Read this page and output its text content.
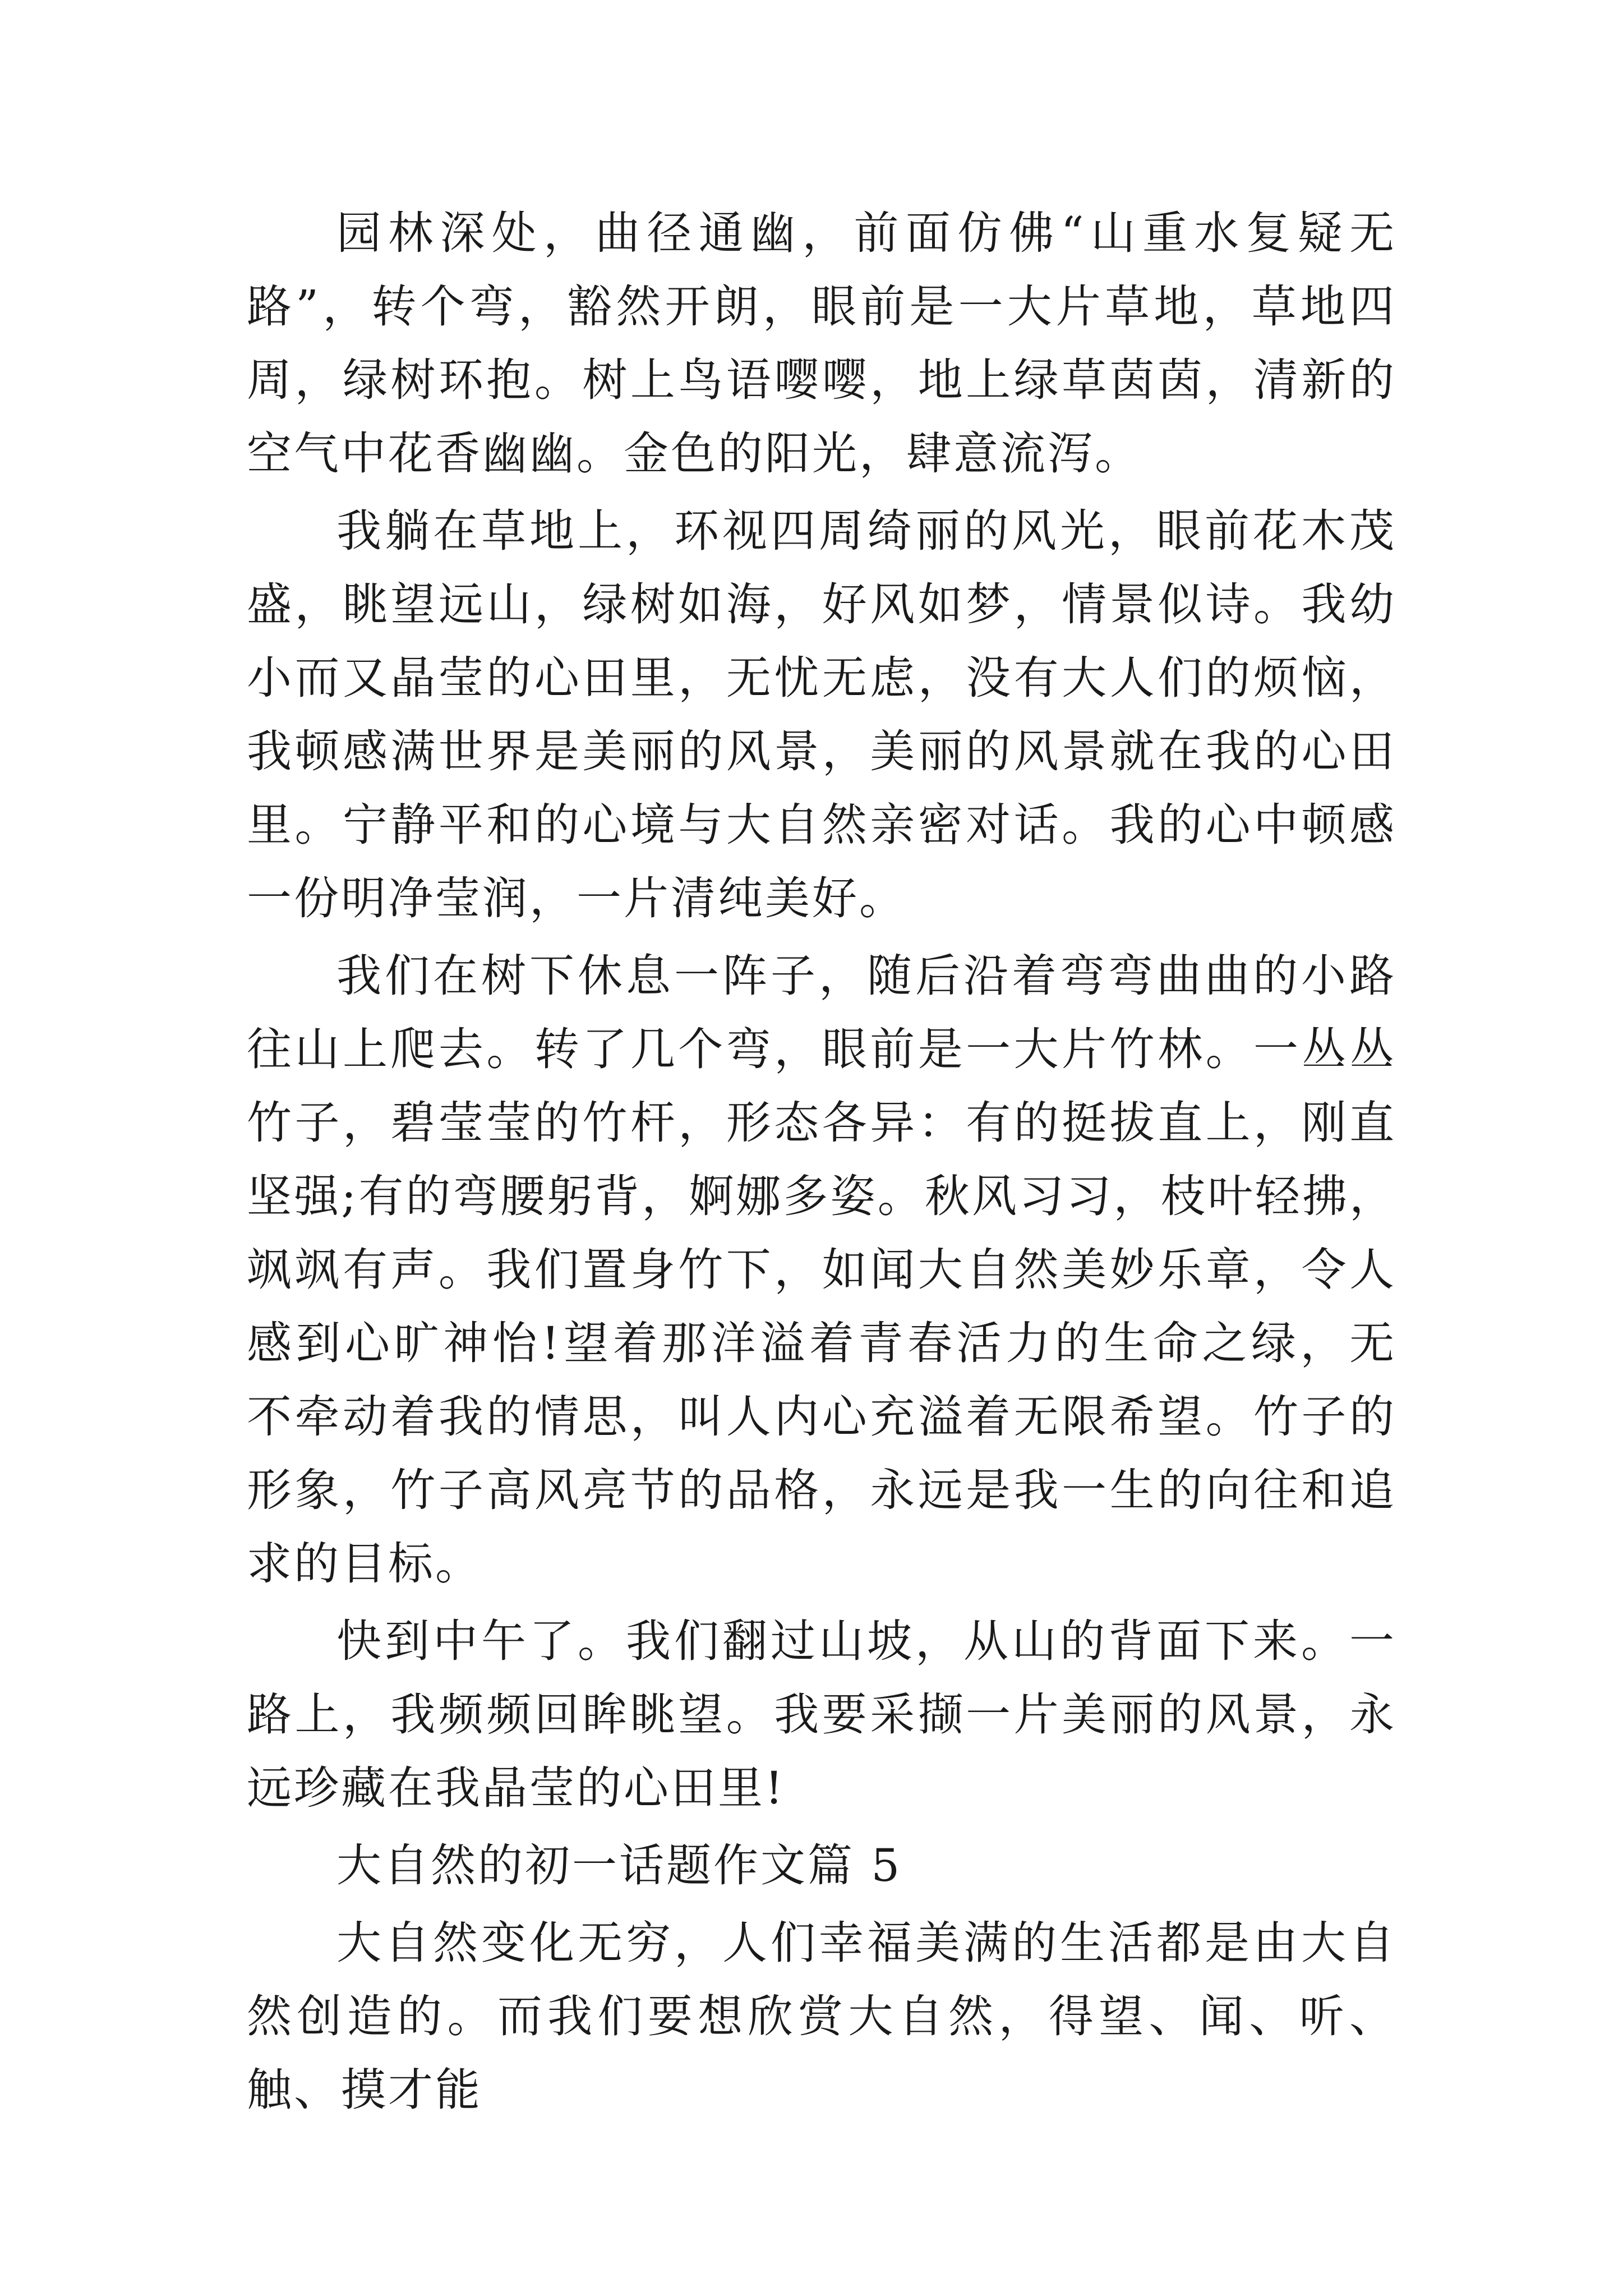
园林深处，曲径通幽，前面仿佛“山重水复疑无路”，转个弯，豁然开朗，眼前是一大片草地，草地四周，绿树环抱。树上鸟语嘤嘤，地上绿草茵茵，清新的空气中花香幽幽。金色的阳光，肆意流泻。

我躺在草地上，环视四周绮丽的风光，眼前花木茂盛，眺望远山，绿树如海，好风如梦，情景似诗。我幼小而又晶莹的心田里，无忧无虑，没有大人们的烦恼，我顿感满世界是美丽的风景，美丽的风景就在我的心田里。宁静平和的心境与大自然亲密对话。我的心中顿感一份明净莹润，一片清纯美好。

我们在树下休息一阵子，随后沿着弯弯曲曲的小路往山上爬去。转了几个弯，眼前是一大片竹林。一丛丛竹子，碧莹莹的竹杆，形态各异：有的挺拔直上，刚直坚强;有的弯腰躬背，婀娜多姿。秋风习习，枝叶轻拂，飒飒有声。我们置身竹下，如闻大自然美妙乐章，令人感到心旷神怡!望着那洋溢着青春活力的生命之绿，无不牵动着我的情思，叫人内心充溢着无限希望。竹子的形象，竹子高风亮节的品格，永远是我一生的向往和追求的目标。

快到中午了。我们翻过山坡，从山的背面下来。一路上，我频频回眸眺望。我要采撷一片美丽的风景，永远珍藏在我晶莹的心田里!

大自然的初一话题作文篇 5

大自然变化无穷，人们幸福美满的生活都是由大自然创造的。而我们要想欣赏大自然，得望、闻、听、触、摸才能
